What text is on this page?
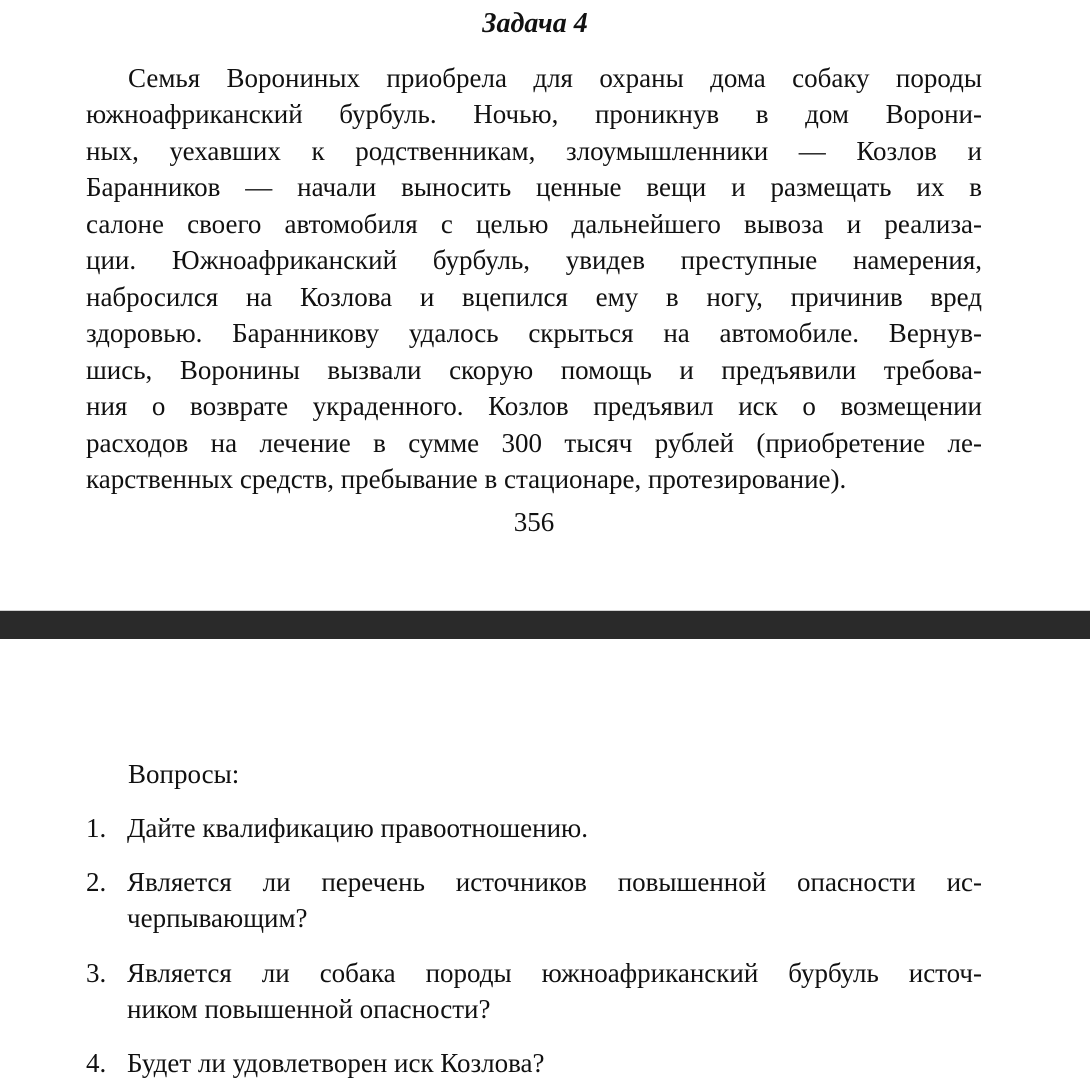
Задача 4
Семья Ворониных приобрела для охраны дома собаку породы
южноафриканский бурбуль. Ночью, проникнув в дом Ворони-
ных, уехавших к родственникам, злоумышленники — Козлов и
Баранников — начали выносить ценные вещи и размещать их в
салоне своего автомобиля с целью дальнейшего вывоза и реализа-
ции. Южноафриканский бурбуль, увидев преступные намерения,
набросился на Козлова и вцепился ему в ногу, причинив вред
здоровью. Баранникову удалось скрыться на автомобиле. Вернув-
шись, Воронины вызвали скорую помощь и предъявили требова-
ния о возврате украденного. Козлов предъявил иск о возмещении
расходов на лечение в сумме 300 тысяч рублей (приобретение ле-
карственных средств, пребывание в стационаре, протезирование).
356
Вопросы:
1. Дайте квалификацию правоотношению.
2. Является ли перечень источников повышенной опасности ис-
черпывающим?
3. Является ли собака породы южноафриканский бурбуль источ-
ником повышенной опасности?
4. Будет ли удовлетворен иск Козлова?
